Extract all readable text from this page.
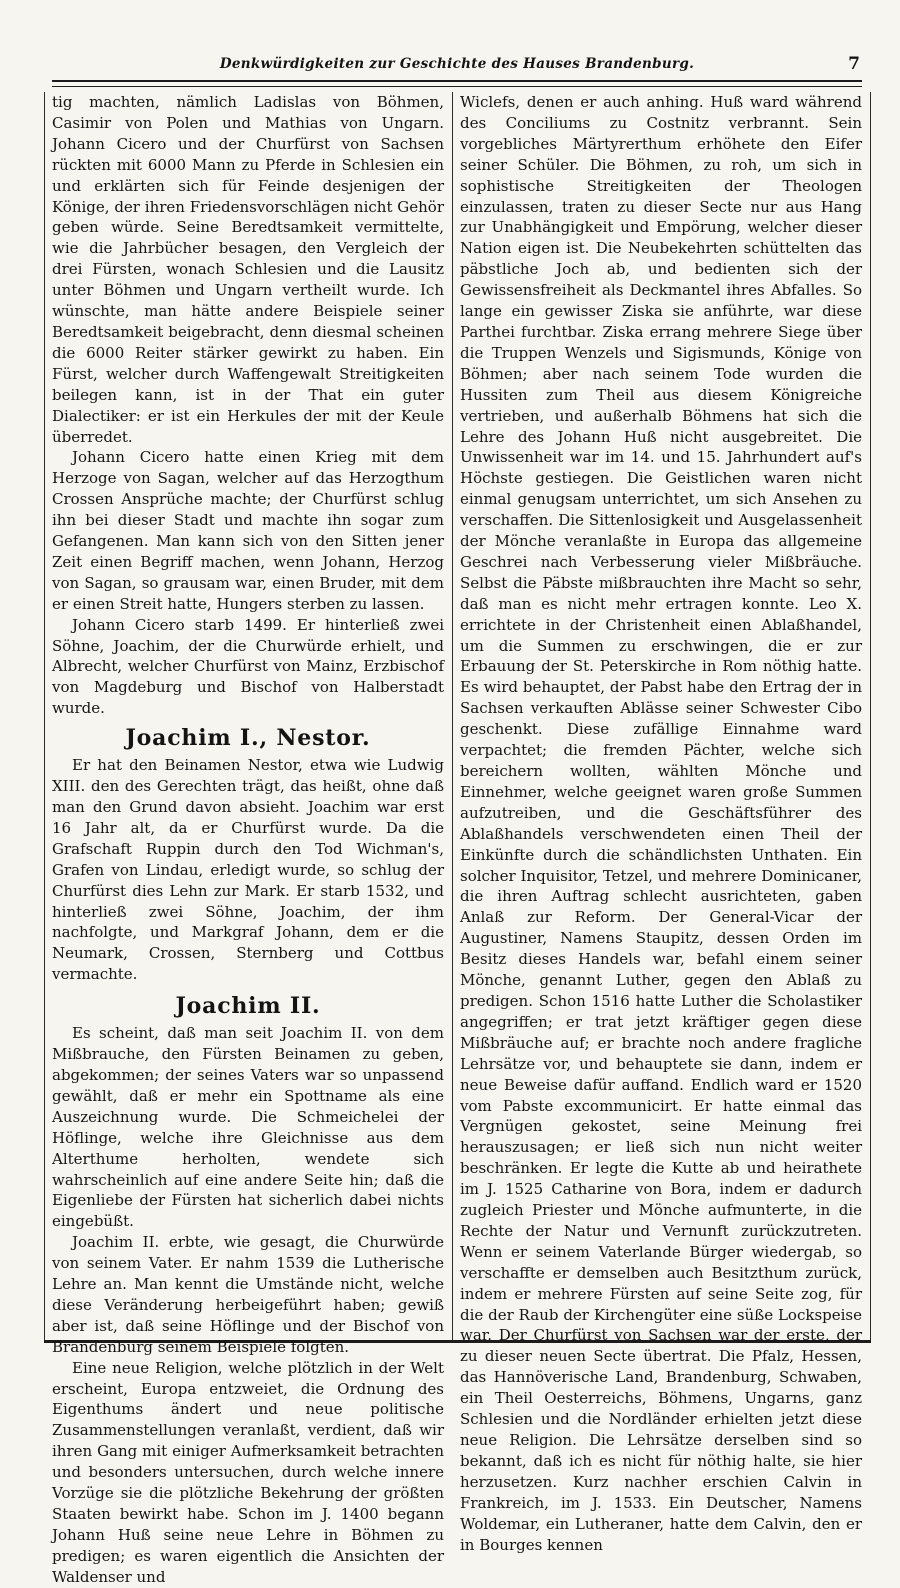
Denkwürdigkeiten zur Geschichte des Hauses Brandenburg.	7

tig machten, nämlich Ladislas von Böhmen, Casimir von Polen und Mathias von Ungarn. Johann Cicero und der Churfürst von Sachsen rückten mit 6000 Mann zu Pferde in Schlesien ein und erklärten sich für Feinde desjenigen der Könige, der ihren Friedensvorschlägen nicht Gehör geben würde. Seine Beredtsamkeit vermittelte, wie die Jahrbücher besagen, den Vergleich der drei Fürsten, wonach Schlesien und die Lausitz unter Böhmen und Ungarn vertheilt wurde. Ich wünschte, man hätte andere Beispiele seiner Beredtsamkeit beigebracht, denn diesmal scheinen die 6000 Reiter stärker gewirkt zu haben. Ein Fürst, welcher durch Waffengewalt Streitigkeiten beilegen kann, ist in der That ein guter Dialectiker: er ist ein Herkules der mit der Keule überredet.

Johann Cicero hatte einen Krieg mit dem Herzoge von Sagan, welcher auf das Herzogthum Crossen Ansprüche machte; der Churfürst schlug ihn bei dieser Stadt und machte ihn sogar zum Gefangenen. Man kann sich von den Sitten jener Zeit einen Begriff machen, wenn Johann, Herzog von Sagan, so grausam war, einen Bruder, mit dem er einen Streit hatte, Hungers sterben zu lassen.

Johann Cicero starb 1499. Er hinterließ zwei Söhne, Joachim, der die Churwürde erhielt, und Albrecht, welcher Churfürst von Mainz, Erzbischof von Magdeburg und Bischof von Halberstadt wurde.

Joachim I., Nestor.

Er hat den Beinamen Nestor, etwa wie Ludwig XIII. den des Gerechten trägt, das heißt, ohne daß man den Grund davon absieht. Joachim war erst 16 Jahr alt, da er Churfürst wurde. Da die Grafschaft Ruppin durch den Tod Wichman's, Grafen von Lindau, erledigt wurde, so schlug der Churfürst dies Lehn zur Mark. Er starb 1532, und hinterließ zwei Söhne, Joachim, der ihm nachfolgte, und Markgraf Johann, dem er die Neumark, Crossen, Sternberg und Cottbus vermachte.

Joachim II.

Es scheint, daß man seit Joachim II. von dem Mißbrauche, den Fürsten Beinamen zu geben, abgekommen; der seines Vaters war so unpassend gewählt, daß er mehr ein Spottname als eine Auszeichnung wurde. Die Schmeichelei der Höflinge, welche ihre Gleichnisse aus dem Alterthume herholten, wendete sich wahrscheinlich auf eine andere Seite hin; daß die Eigenliebe der Fürsten hat sicherlich dabei nichts eingebüßt.

Joachim II. erbte, wie gesagt, die Churwürde von seinem Vater. Er nahm 1539 die Lutherische Lehre an. Man kennt die Umstände nicht, welche diese Veränderung herbeigeführt haben; gewiß aber ist, daß seine Höflinge und der Bischof von Brandenburg seinem Beispiele folgten.

Eine neue Religion, welche plötzlich in der Welt erscheint, Europa entzweiet, die Ordnung des Eigenthums ändert und neue politische Zusammenstellungen veranlaßt, verdient, daß wir ihren Gang mit einiger Aufmerksamkeit betrachten und besonders untersuchen, durch welche innere Vorzüge sie die plötzliche Bekehrung der größten Staaten bewirkt habe. Schon im J. 1400 begann Johann Huß seine neue Lehre in Böhmen zu predigen; es waren eigentlich die Ansichten der Waldenser und

Wiclefs, denen er auch anhing. Huß ward während des Conciliums zu Costnitz verbrannt. Sein vorgebliches Märtyrerthum erhöhete den Eifer seiner Schüler. Die Böhmen, zu roh, um sich in sophistische Streitigkeiten der Theologen einzulassen, traten zu dieser Secte nur aus Hang zur Unabhängigkeit und Empörung, welcher dieser Nation eigen ist. Die Neubekehrten schüttelten das päbstliche Joch ab, und bedienten sich der Gewissensfreiheit als Deckmantel ihres Abfalles. So lange ein gewisser Ziska sie anführte, war diese Parthei furchtbar. Ziska errang mehrere Siege über die Truppen Wenzels und Sigismunds, Könige von Böhmen; aber nach seinem Tode wurden die Hussiten zum Theil aus diesem Königreiche vertrieben, und außerhalb Böhmens hat sich die Lehre des Johann Huß nicht ausgebreitet. Die Unwissenheit war im 14. und 15. Jahrhundert auf's Höchste gestiegen. Die Geistlichen waren nicht einmal genugsam unterrichtet, um sich Ansehen zu verschaffen. Die Sittenlosigkeit und Ausgelassenheit der Mönche veranlaßte in Europa das allgemeine Geschrei nach Verbesserung vieler Mißbräuche. Selbst die Päbste mißbrauchten ihre Macht so sehr, daß man es nicht mehr ertragen konnte. Leo X. errichtete in der Christenheit einen Ablaßhandel, um die Summen zu erschwingen, die er zur Erbauung der St. Peterskirche in Rom nöthig hatte. Es wird behauptet, der Pabst habe den Ertrag der in Sachsen verkauften Ablässe seiner Schwester Cibo geschenkt. Diese zufällige Einnahme ward verpachtet; die fremden Pächter, welche sich bereichern wollten, wählten Mönche und Einnehmer, welche geeignet waren große Summen aufzutreiben, und die Geschäftsführer des Ablaßhandels verschwendeten einen Theil der Einkünfte durch die schändlichsten Unthaten. Ein solcher Inquisitor, Tetzel, und mehrere Dominicaner, die ihren Auftrag schlecht ausrichteten, gaben Anlaß zur Reform. Der General-Vicar der Augustiner, Namens Staupitz, dessen Orden im Besitz dieses Handels war, befahl einem seiner Mönche, genannt Luther, gegen den Ablaß zu predigen. Schon 1516 hatte Luther die Scholastiker angegriffen; er trat jetzt kräftiger gegen diese Mißbräuche auf; er brachte noch andere fragliche Lehrsätze vor, und behauptete sie dann, indem er neue Beweise dafür auffand. Endlich ward er 1520 vom Pabste excommunicirt. Er hatte einmal das Vergnügen gekostet, seine Meinung frei herauszusagen; er ließ sich nun nicht weiter beschränken. Er legte die Kutte ab und heirathete im J. 1525 Catharine von Bora, indem er dadurch zugleich Priester und Mönche aufmunterte, in die Rechte der Natur und Vernunft zurückzutreten. Wenn er seinem Vaterlande Bürger wiedergab, so verschaffte er demselben auch Besitzthum zurück, indem er mehrere Fürsten auf seine Seite zog, für die der Raub der Kirchengüter eine süße Lockspeise war. Der Churfürst von Sachsen war der erste, der zu dieser neuen Secte übertrat. Die Pfalz, Hessen, das Hannöverische Land, Brandenburg, Schwaben, ein Theil Oesterreichs, Böhmens, Ungarns, ganz Schlesien und die Nordländer erhielten jetzt diese neue Religion. Die Lehrsätze derselben sind so bekannt, daß ich es nicht für nöthig halte, sie hier herzusetzen. Kurz nachher erschien Calvin in Frankreich, im J. 1533. Ein Deutscher, Namens Woldemar, ein Lutheraner, hatte dem Calvin, den er in Bourges kennen
